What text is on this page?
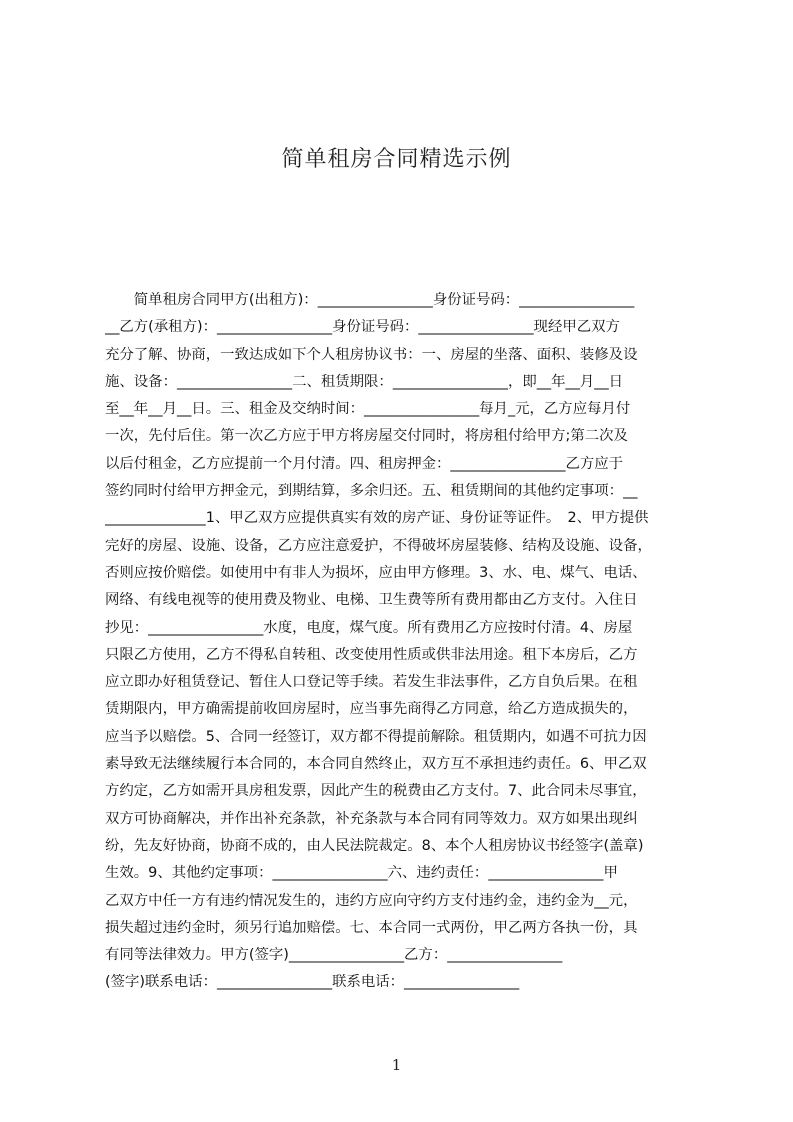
简单租房合同精选示例
　　简单租房合同甲方(出租方)：________________身份证号码：________________
__乙方(承租方)：________________身份证号码：________________现经甲乙双方
充分了解、协商，一致达成如下个人租房协议书：一、房屋的坐落、面积、装修及设
施、设备：________________二、租赁期限：________________，即__年__月__日
至__年__月__日。三、租金及交纳时间：________________每月_元，乙方应每月付
一次，先付后住。第一次乙方应于甲方将房屋交付同时，将房租付给甲方;第二次及
以后付租金，乙方应提前一个月付清。四、租房押金：________________乙方应于
签约同时付给甲方押金元，到期结算，多余归还。五、租赁期间的其他约定事项：__
______________1、甲乙双方应提供真实有效的房产证、身份证等证件。　2、甲方提供
完好的房屋、设施、设备，乙方应注意爱护，不得破坏房屋装修、结构及设施、设备，
否则应按价赔偿。如使用中有非人为损坏，应由甲方修理。3、水、电、煤气、电话、
网络、有线电视等的使用费及物业、电梯、卫生费等所有费用都由乙方支付。入住日
抄见：________________水度，电度，煤气度。所有费用乙方应按时付清。4、房屋
只限乙方使用，乙方不得私自转租、改变使用性质或供非法用途。租下本房后，乙方
应立即办好租赁登记、暂住人口登记等手续。若发生非法事件，乙方自负后果。在租
赁期限内，甲方确需提前收回房屋时，应当事先商得乙方同意，给乙方造成损失的，
应当予以赔偿。5、合同一经签订，双方都不得提前解除。租赁期内，如遇不可抗力因
素导致无法继续履行本合同的，本合同自然终止，双方互不承担违约责任。6、甲乙双
方约定，乙方如需开具房租发票，因此产生的税费由乙方支付。7、此合同未尽事宜，
双方可协商解决，并作出补充条款，补充条款与本合同有同等效力。双方如果出现纠
纷，先友好协商，协商不成的，由人民法院裁定。8、本个人租房协议书经签字(盖章)
生效。9、其他约定事项：________________六、违约责任：________________甲
乙双方中任一方有违约情况发生的，违约方应向守约方支付违约金，违约金为__元，
损失超过违约金时，须另行追加赔偿。七、本合同一式两份，甲乙两方各执一份，具
有同等法律效力。甲方(签字)________________乙方：________________
(签字)联系电话：________________联系电话：________________
1
